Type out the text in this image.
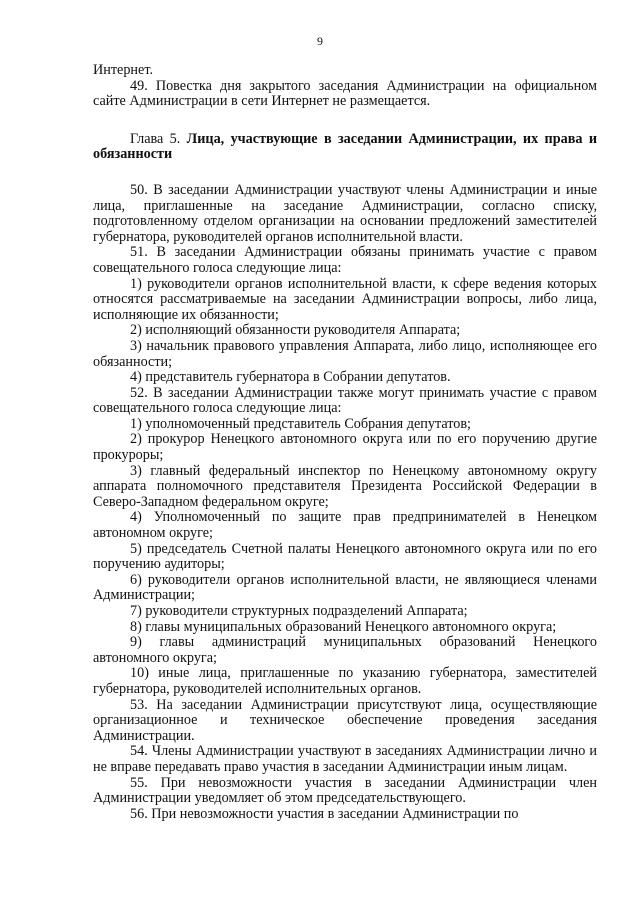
9

Интернет.

49. Повестка дня закрытого заседания Администрации на официальном сайте Администрации в сети Интернет не размещается.

Глава 5. Лица, участвующие в заседании Администрации, их права и обязанности

50. В заседании Администрации участвуют члены Администрации и иные лица, приглашенные на заседание Администрации, согласно списку, подготовленному отделом организации на основании предложений заместителей губернатора, руководителей органов исполнительной власти.

51. В заседании Администрации обязаны принимать участие с правом совещательного голоса следующие лица:

1) руководители органов исполнительной власти, к сфере ведения которых относятся рассматриваемые на заседании Администрации вопросы, либо лица, исполняющие их обязанности;

2) исполняющий обязанности руководителя Аппарата;

3) начальник правового управления Аппарата, либо лицо, исполняющее его обязанности;

4) представитель губернатора в Собрании депутатов.

52. В заседании Администрации также могут принимать участие с правом совещательного голоса следующие лица:

1) уполномоченный представитель Собрания депутатов;

2) прокурор Ненецкого автономного округа или по его поручению другие прокуроры;

3) главный федеральный инспектор по Ненецкому автономному округу аппарата полномочного представителя Президента Российской Федерации в Северо-Западном федеральном округе;

4) Уполномоченный по защите прав предпринимателей в Ненецком автономном округе;

5) председатель Счетной палаты Ненецкого автономного округа или по его поручению аудиторы;

6) руководители органов исполнительной власти, не являющиеся членами Администрации;

7) руководители структурных подразделений Аппарата;

8) главы муниципальных образований Ненецкого автономного округа;

9) главы администраций муниципальных образований Ненецкого автономного округа;

10) иные лица, приглашенные по указанию губернатора, заместителей губернатора, руководителей исполнительных органов.

53. На заседании Администрации присутствуют лица, осуществляющие организационное и техническое обеспечение проведения заседания Администрации.

54. Члены Администрации участвуют в заседаниях Администрации лично и не вправе передавать право участия в заседании Администрации иным лицам.

55. При невозможности участия в заседании Администрации член Администрации уведомляет об этом председательствующего.

56. При невозможности участия в заседании Администрации по
